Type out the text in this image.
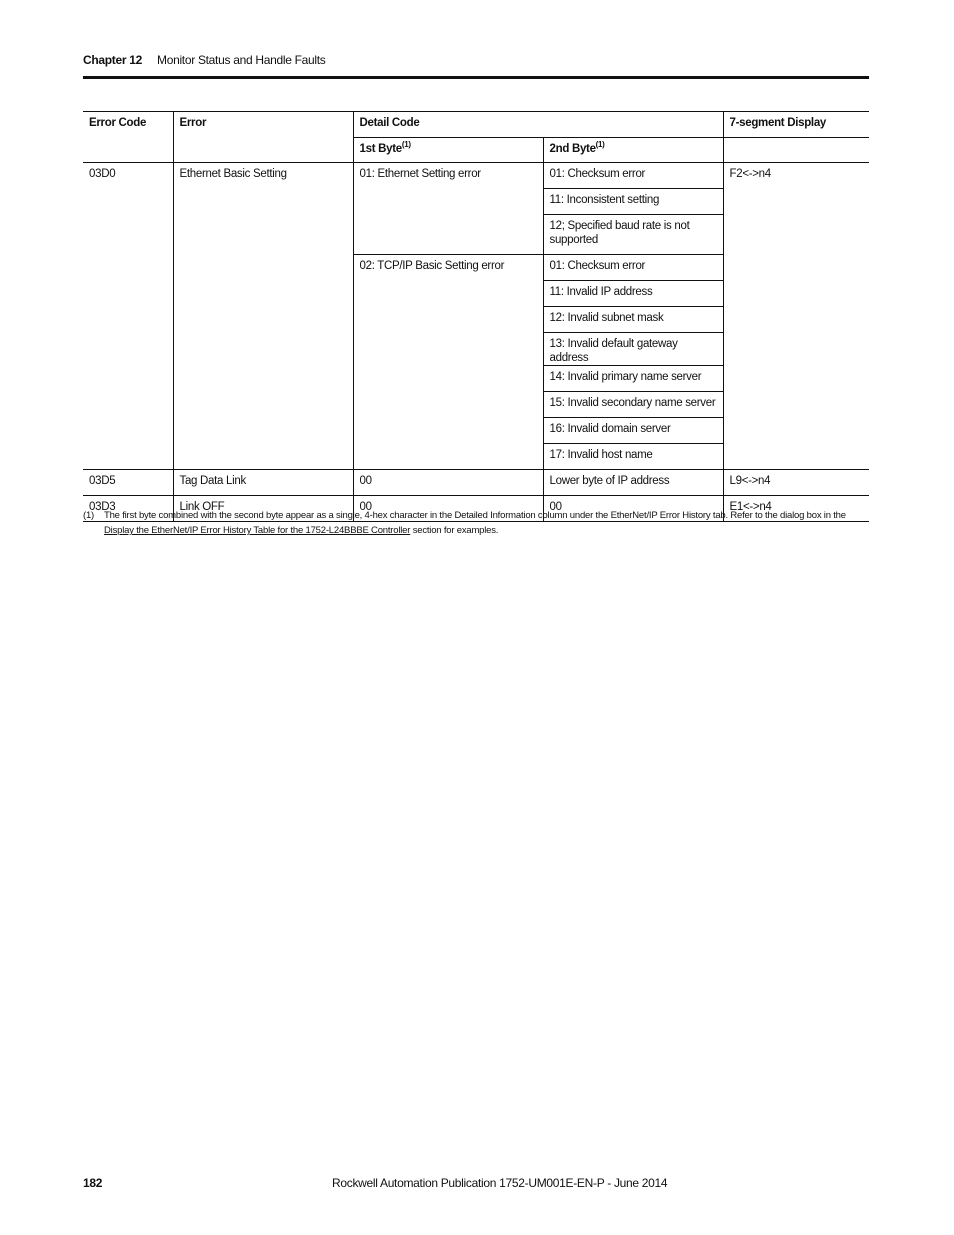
Chapter 12 Monitor Status and Handle Faults
Error Code	Error	Detail Code		7-segment Display
		1st Byte$^{(1)}$	2nd Byte$^{(1)}$	
03D0	Ethernet Basic Setting	01: Ethernet Setting error	01: Checksum error	F2<->n4
			11: Inconsistent setting	
			12; Specified baud rate is not supported	
		02: TCP/IP Basic Setting error	01: Checksum error	
			11: Invalid IP address	
			12: Invalid subnet mask	
			13: Invalid default gateway address	
			14: Invalid primary name server	
			15: Invalid secondary name server	
			16: Invalid domain server	
			17: Invalid host name	
03D5	Tag Data Link	00	Lower byte of IP address	L9<->n4
03D3	Link OFF	00	00	E1<->n4
(1) The first byte combined with the second byte appear as a single, 4-hex character in the Detailed Information column under the EtherNet/IP Error History tab. Refer to the dialog box in the Display the EtherNet/IP Error History Table for the 1752-L24BBBE Controller section for examples.
182	Rockwell Automation Publication 1752-UM001E-EN-P - June 2014
